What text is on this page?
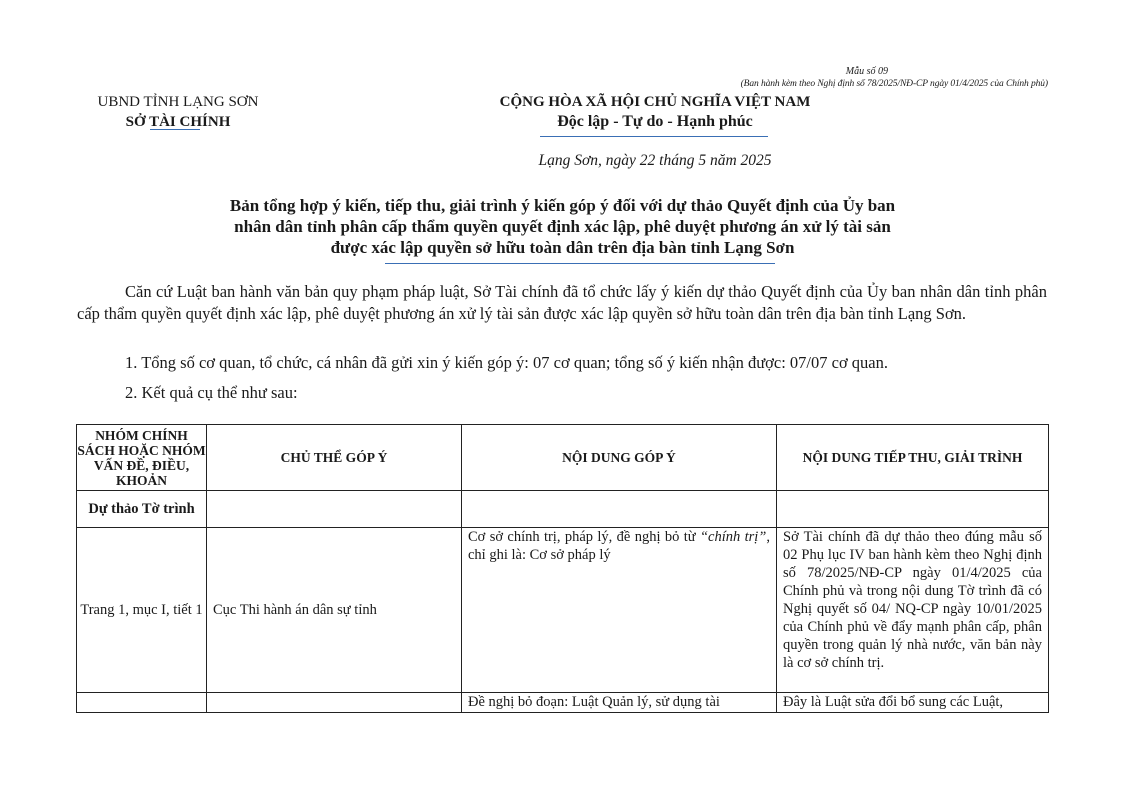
Mẫu số 09
(Ban hành kèm theo Nghị định số 78/2025/NĐ-CP ngày 01/4/2025 của Chính phủ)
UBND TỈNH LẠNG SƠN
SỞ TÀI CHÍNH
CỘNG HÒA XÃ HỘI CHỦ NGHĨA VIỆT NAM
Độc lập - Tự do - Hạnh phúc
Lạng Sơn, ngày 22 tháng 5 năm 2025
Bản tổng hợp ý kiến, tiếp thu, giải trình ý kiến góp ý đối với dự thảo Quyết định của Ủy ban
nhân dân tỉnh phân cấp thẩm quyền quyết định xác lập, phê duyệt phương án xử lý tài sản
được xác lập quyền sở hữu toàn dân trên địa bàn tỉnh Lạng Sơn
Căn cứ Luật ban hành văn bản quy phạm pháp luật, Sở Tài chính đã tổ chức lấy ý kiến dự thảo Quyết định của Ủy ban nhân dân tỉnh phân cấp thẩm quyền quyết định xác lập, phê duyệt phương án xử lý tài sản được xác lập quyền sở hữu toàn dân trên địa bàn tỉnh Lạng Sơn.
1. Tổng số cơ quan, tổ chức, cá nhân đã gửi xin ý kiến góp ý: 07 cơ quan; tổng số ý kiến nhận được: 07/07 cơ quan.
2. Kết quả cụ thể như sau:
NHÓM CHÍNH SÁCH HOẶC NHÓM VẤN ĐỀ, ĐIỀU, KHOẢN	CHỦ THỂ GÓP Ý	NỘI DUNG GÓP Ý	NỘI DUNG TIẾP THU, GIẢI TRÌNH
Dự thảo Tờ trình			
Trang 1, mục I, tiết 1	Cục Thi hành án dân sự tỉnh	Cơ sở chính trị, pháp lý, đề nghị bỏ từ “chính trị”, chỉ ghi là: Cơ sở pháp lý	Sở Tài chính đã dự thảo theo đúng mẫu số 02 Phụ lục IV ban hành kèm theo Nghị định số 78/2025/NĐ-CP ngày 01/4/2025 của Chính phủ và trong nội dung Tờ trình đã có Nghị quyết số 04/ NQ-CP ngày 10/01/2025 của Chính phủ về đẩy mạnh phân cấp, phân quyền trong quản lý nhà nước, văn bản này là cơ sở chính trị.

		Đề nghị bỏ đoạn: Luật Quản lý, sử dụng tài	Đây là Luật sửa đổi bổ sung các Luật,
